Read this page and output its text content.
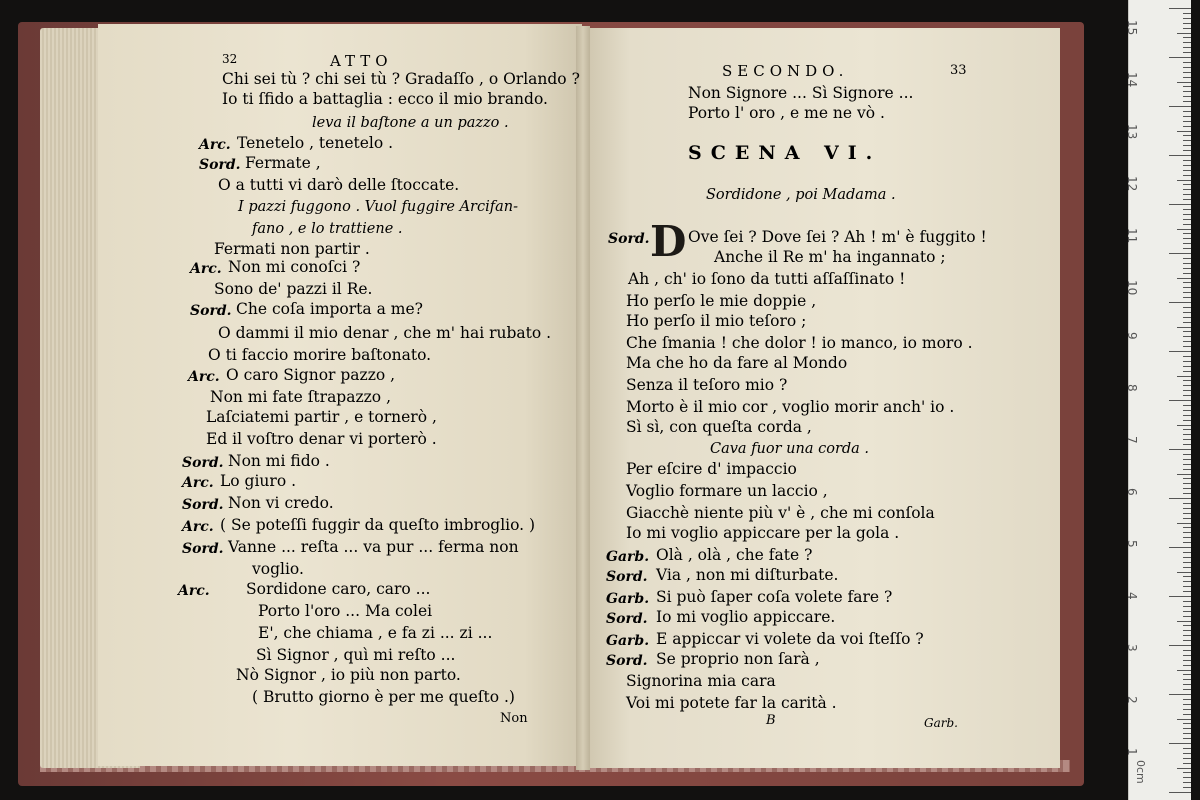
32	ATTO
Chi sei tù ? chi sei tù ? Gradaſſo , o Orlando ?
Io ti ſfido a battaglia : ecco il mio brando.
leva il baſtone a un pazzo .
Arc. Tenetelo , tenetelo .
Sord. Fermate ,
O a tutti vi darò delle ſtoccate.
I pazzi fuggono . Vuol fuggire Arcifan-
fano , e lo trattiene .
Fermati non partir .
Arc. Non mi conoſci ?
Sono de' pazzi il Re.
Sord. Che coſa importa a me?
O dammi il mio denar , che m' hai rubato .
O ti faccio morire baſtonato.
Arc. O caro Signor pazzo ,
Non mi fate ſtrapazzo ,
Laſciatemi partir , e tornerò ,
Ed il voſtro denar vi porterò .
Sord. Non mi fido .
Arc. Lo giuro .
Sord. Non vi credo.
Arc. ( Se poteſſi fuggir da queſto imbroglio. )
Sord. Vanne ... reſta ... va pur ... ferma non
voglio.
Arc. Sordidone caro, caro ...
Porto l'oro ... Ma colei
E', che chiama , e fa zi ... zi ...
Sì Signor , quì mi reſto ...
Nò Signor , io più non parto.
( Brutto giorno è per me queſto .)
SECONDO.	33
SCENA VI.
Sordidone , poi Madama .
D
B	Garb.
Non Signore ... Sì Signore ...
Porto l' oro , e me ne vò .
Sord. Ove ſei ? Dove ſei ? Ah ! m' è fuggito !
Anche il Re m' ha ingannato ;
Ah , ch' io ſono da tutti aſſaſſinato !
Ho perſo le mie doppie ,
Ho perſo il mio teſoro ;
Che ſmania ! che dolor ! io manco, io moro .
Ma che ho da fare al Mondo
Senza il teſoro mio ?
Morto è il mio cor , voglio morir anch' io .
Sì sì, con queſta corda ,
Cava fuor una corda .
Per eſcire d' impaccio
Voglio formare un laccio ,
Giacchè niente più v' è , che mi conſola
Io mi voglio appiccare per la gola .
Garb. Olà , olà , che fate ?
Sord. Via , non mi diſturbate.
Garb. Si può ſaper coſa volete fare ?
Sord. Io mi voglio appiccare.
Garb. E appiccar vi volete da voi ſteſſo ?
Sord. Se proprio non ſarà ,
Signorina mia cara
Voi mi potete far la carità .
Non
15
14
13
12
11
10
9
8
7
6
5
4
3
2
1
0cm
